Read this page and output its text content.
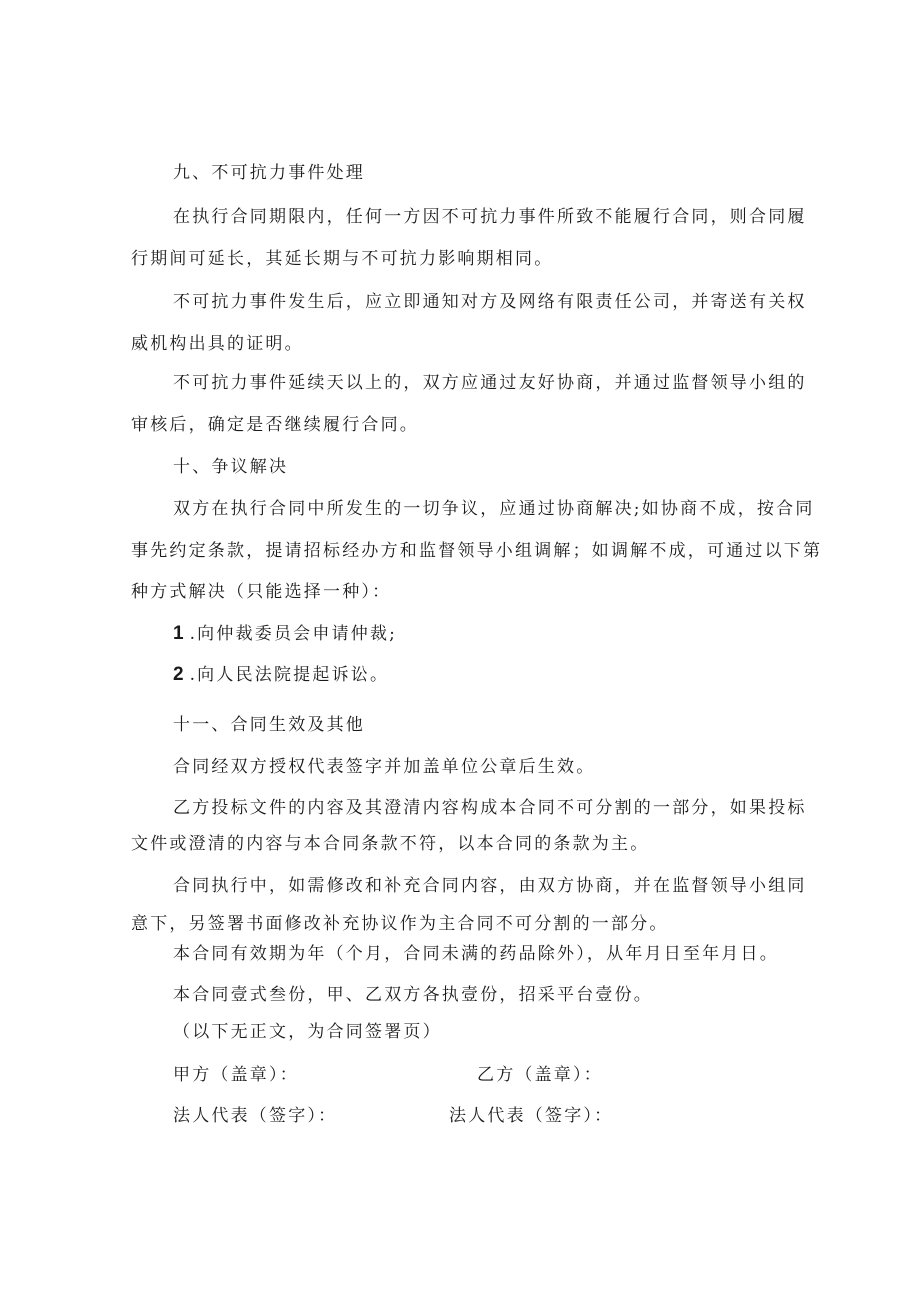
九、不可抗力事件处理
在执行合同期限内，任何一方因不可抗力事件所致不能履行合同，则合同履
行期间可延长，其延长期与不可抗力影响期相同。
不可抗力事件发生后，应立即通知对方及网络有限责任公司，并寄送有关权
威机构出具的证明。
不可抗力事件延续天以上的，双方应通过友好协商，并通过监督领导小组的
审核后，确定是否继续履行合同。
十、争议解决
双方在执行合同中所发生的一切争议，应通过协商解决;如协商不成，按合同
事先约定条款，提请招标经办方和监督领导小组调解；如调解不成，可通过以下第
种方式解决（只能选择一种）：
1 .向仲裁委员会申请仲裁;
2 .向人民法院提起诉讼。
十一、合同生效及其他
合同经双方授权代表签字并加盖单位公章后生效。
乙方投标文件的内容及其澄清内容构成本合同不可分割的一部分，如果投标
文件或澄清的内容与本合同条款不符，以本合同的条款为主。
合同执行中，如需修改和补充合同内容，由双方协商，并在监督领导小组同
意下，另签署书面修改补充协议作为主合同不可分割的一部分。
本合同有效期为年（个月，合同未满的药品除外），从年月日至年月日。
本合同壹式叁份，甲、乙双方各执壹份，招采平台壹份。
（以下无正文，为合同签署页）
甲方（盖章）：	乙方（盖章）：
法人代表（签字）：	法人代表（签字）：
